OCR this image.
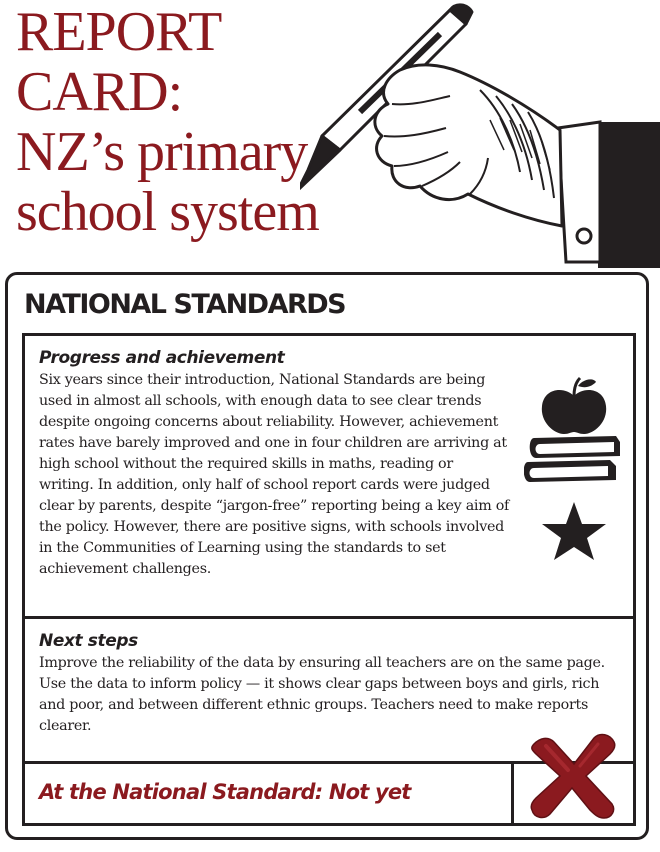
REPORT
CARD:
NZ’s primary
school system
NATIONAL STANDARDS
Progress and achievement

Six years since their introduction, National Standards are being used in almost all schools, with enough data to see clear trends despite ongoing concerns about reliability. However, achievement rates have barely improved and one in four children are arriving at high school without the required skills in maths, reading or writing. In addition, only half of school report cards were judged clear by parents, despite “jargon-free” reporting being a key aim of the policy. However, there are positive signs, with schools involved in the Communities of Learning using the standards to set achievement challenges.

Next steps

Improve the reliability of the data by ensuring all teachers are on the same page. Use the data to inform policy — it shows clear gaps between boys and girls, rich and poor, and between different ethnic groups. Teachers need to make reports clearer.

At the National Standard: Not yet
